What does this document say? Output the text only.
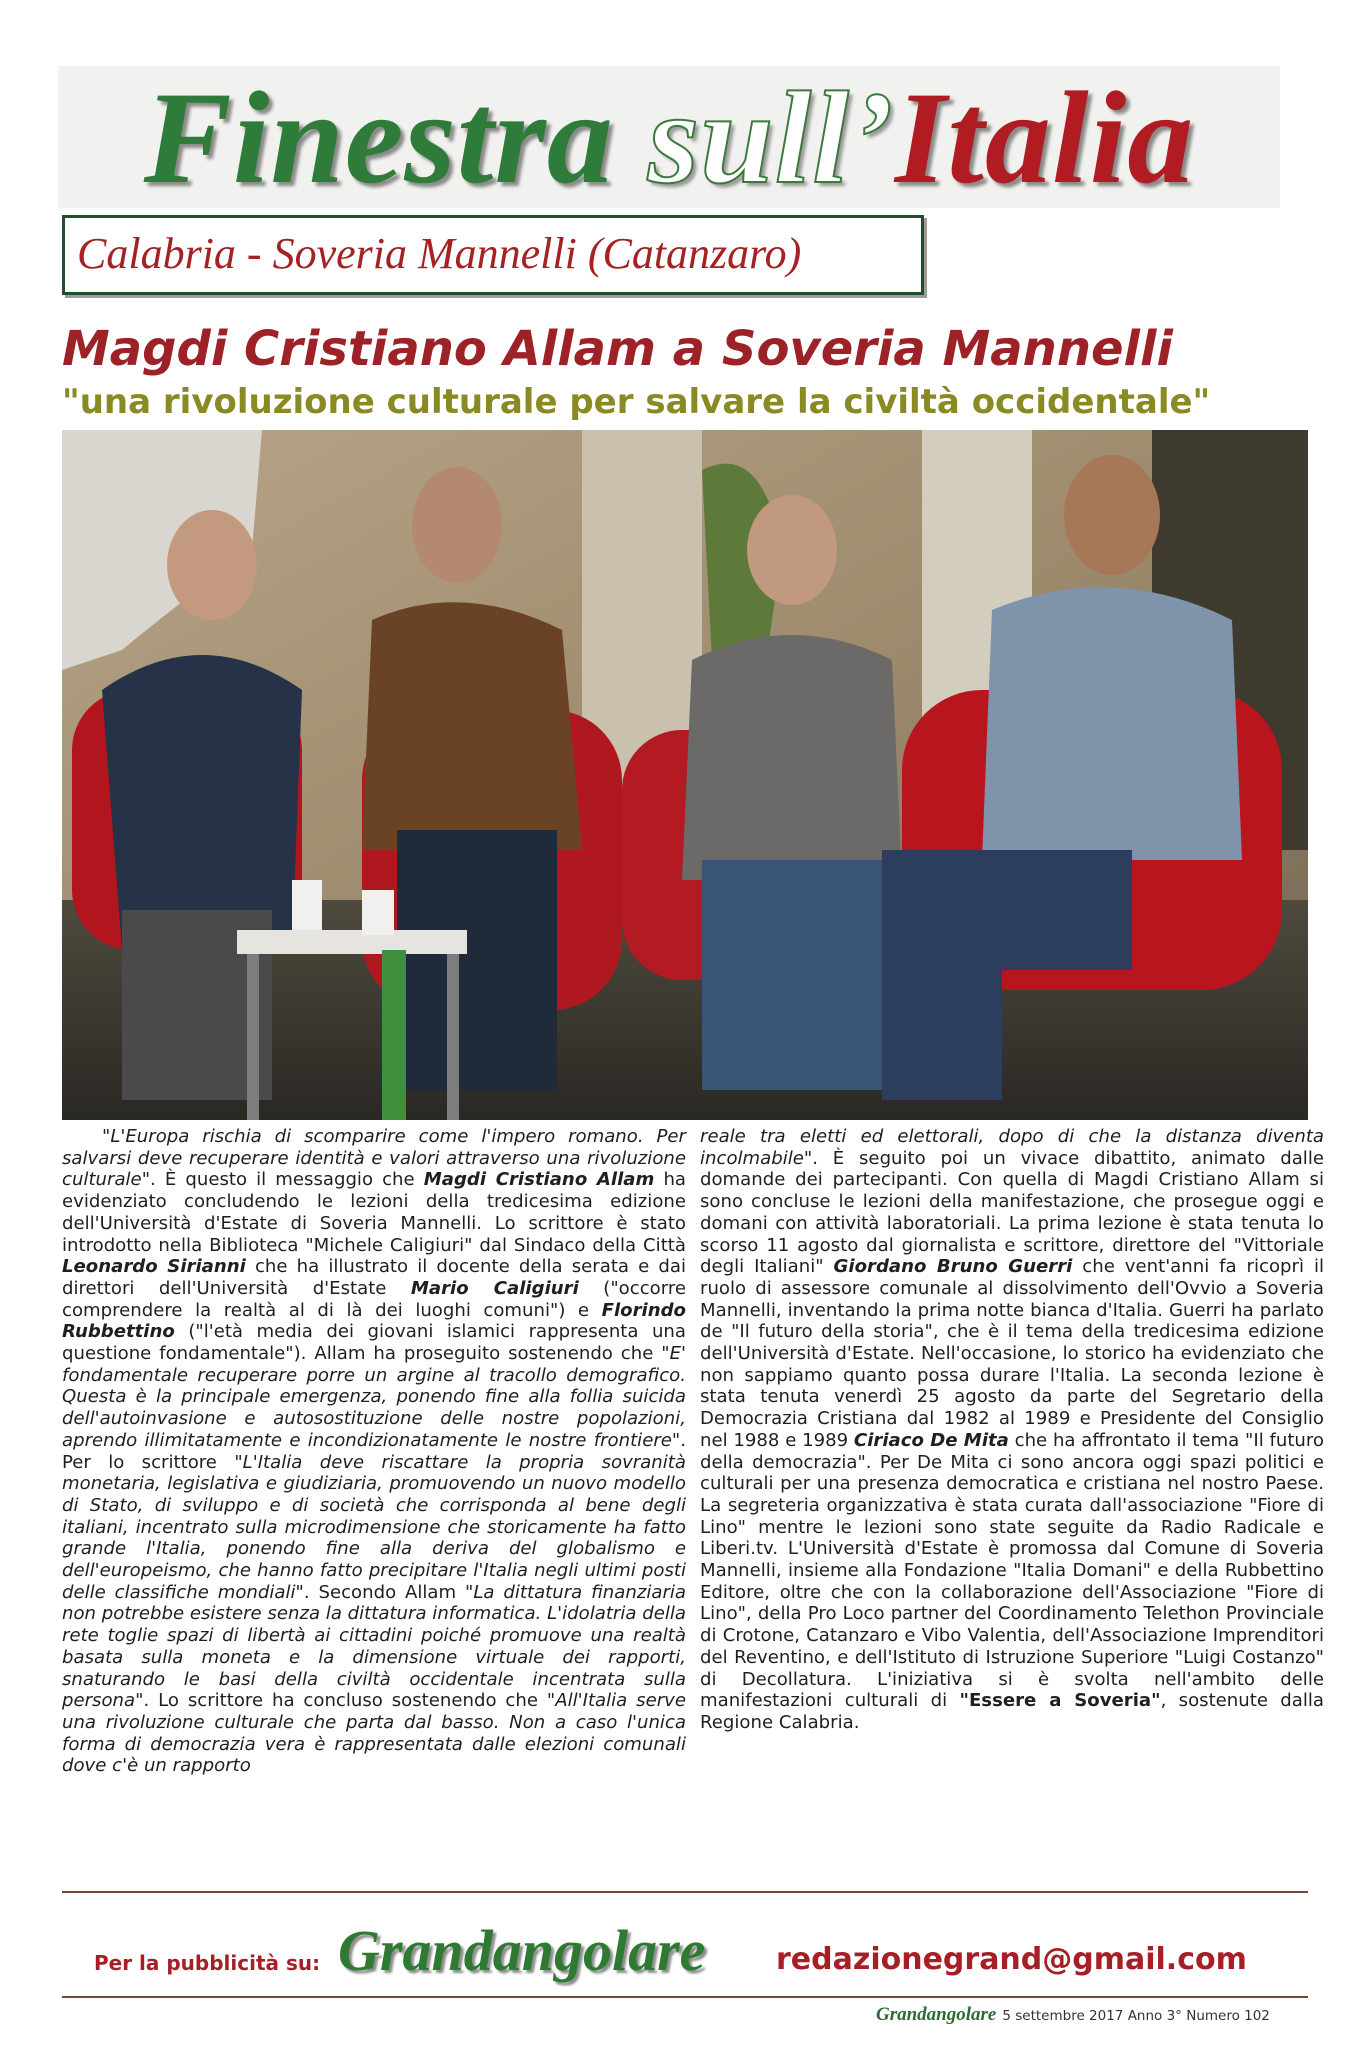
Finestra sull’Italia
Calabria - Soveria Mannelli (Catanzaro)
Magdi Cristiano Allam a Soveria Mannelli
"una rivoluzione culturale per salvare la civiltà occidentale"
"L'Europa rischia di scomparire come l'impero romano. Per salvarsi deve recuperare identità e valori attraverso una rivoluzione culturale". È questo il messaggio che Magdi Cristiano Allam ha evidenziato concludendo le lezioni della tredicesima edizione dell'Università d'Estate di Soveria Mannelli. Lo scrittore è stato introdotto nella Biblioteca "Michele Caligiuri" dal Sindaco della Città Leonardo Sirianni che ha illustrato il docente della serata e dai direttori dell'Università d'Estate Mario Caligiuri ("occorre comprendere la realtà al di là dei luoghi comuni") e Florindo Rubbettino ("l'età media dei giovani islamici rappresenta una questione fondamentale"). Allam ha proseguito sostenendo che "E' fondamentale recuperare porre un argine al tracollo demografico. Questa è la principale emergenza, ponendo fine alla follia suicida dell'autoinvasione e autosostituzione delle nostre popolazioni, aprendo illimitatamente e incondizionatamente le nostre frontiere". Per lo scrittore "L'Italia deve riscattare la propria sovranità monetaria, legislativa e giudiziaria, promuovendo un nuovo modello di Stato, di sviluppo e di società che corrisponda al bene degli italiani, incentrato sulla microdimensione che storicamente ha fatto grande l'Italia, ponendo fine alla deriva del globalismo e dell'europeismo, che hanno fatto precipitare l'Italia negli ultimi posti delle classifiche mondiali". Secondo Allam "La dittatura finanziaria non potrebbe esistere senza la dittatura informatica. L'idolatria della rete toglie spazi di libertà ai cittadini poiché promuove una realtà basata sulla moneta e la dimensione virtuale dei rapporti, snaturando le basi della civiltà occidentale incentrata sulla persona". Lo scrittore ha concluso sostenendo che "All'Italia serve una rivoluzione culturale che parta dal basso. Non a caso l'unica forma di democrazia vera è rappresentata dalle elezioni comunali dove c'è un rapporto
reale tra eletti ed elettorali, dopo di che la distanza diventa incolmabile". È seguito poi un vivace dibattito, animato dalle domande dei partecipanti. Con quella di Magdi Cristiano Allam si sono concluse le lezioni della manifestazione, che prosegue oggi e domani con attività laboratoriali. La prima lezione è stata tenuta lo scorso 11 agosto dal giornalista e scrittore, direttore del "Vittoriale degli Italiani" Giordano Bruno Guerri che vent'anni fa ricoprì il ruolo di assessore comunale al dissolvimento dell'Ovvio a Soveria Mannelli, inventando la prima notte bianca d'Italia. Guerri ha parlato de "Il futuro della storia", che è il tema della tredicesima edizione dell'Università d'Estate. Nell'occasione, lo storico ha evidenziato che non sappiamo quanto possa durare l'Italia. La seconda lezione è stata tenuta venerdì 25 agosto da parte del Segretario della Democrazia Cristiana dal 1982 al 1989 e Presidente del Consiglio nel 1988 e 1989 Ciriaco De Mita che ha affrontato il tema "Il futuro della democrazia". Per De Mita ci sono ancora oggi spazi politici e culturali per una presenza democratica e cristiana nel nostro Paese. La segreteria organizzativa è stata curata dall'associazione "Fiore di Lino" mentre le lezioni sono state seguite da Radio Radicale e Liberi.tv. L'Università d'Estate è promossa dal Comune di Soveria Mannelli, insieme alla Fondazione "Italia Domani" e della Rubbettino Editore, oltre che con la collaborazione dell'Associazione "Fiore di Lino", della Pro Loco partner del Coordinamento Telethon Provinciale di Crotone, Catanzaro e Vibo Valentia, dell'Associazione Imprenditori del Reventino, e dell'Istituto di Istruzione Superiore "Luigi Costanzo" di Decollatura. L'iniziativa si è svolta nell'ambito delle manifestazioni culturali di "Essere a Soveria", sostenute dalla Regione Calabria.
Per la pubblicità su: Grandangolare redazionegrand@gmail.com
Grandangolare 5 settembre 2017 Anno 3° Numero 102
